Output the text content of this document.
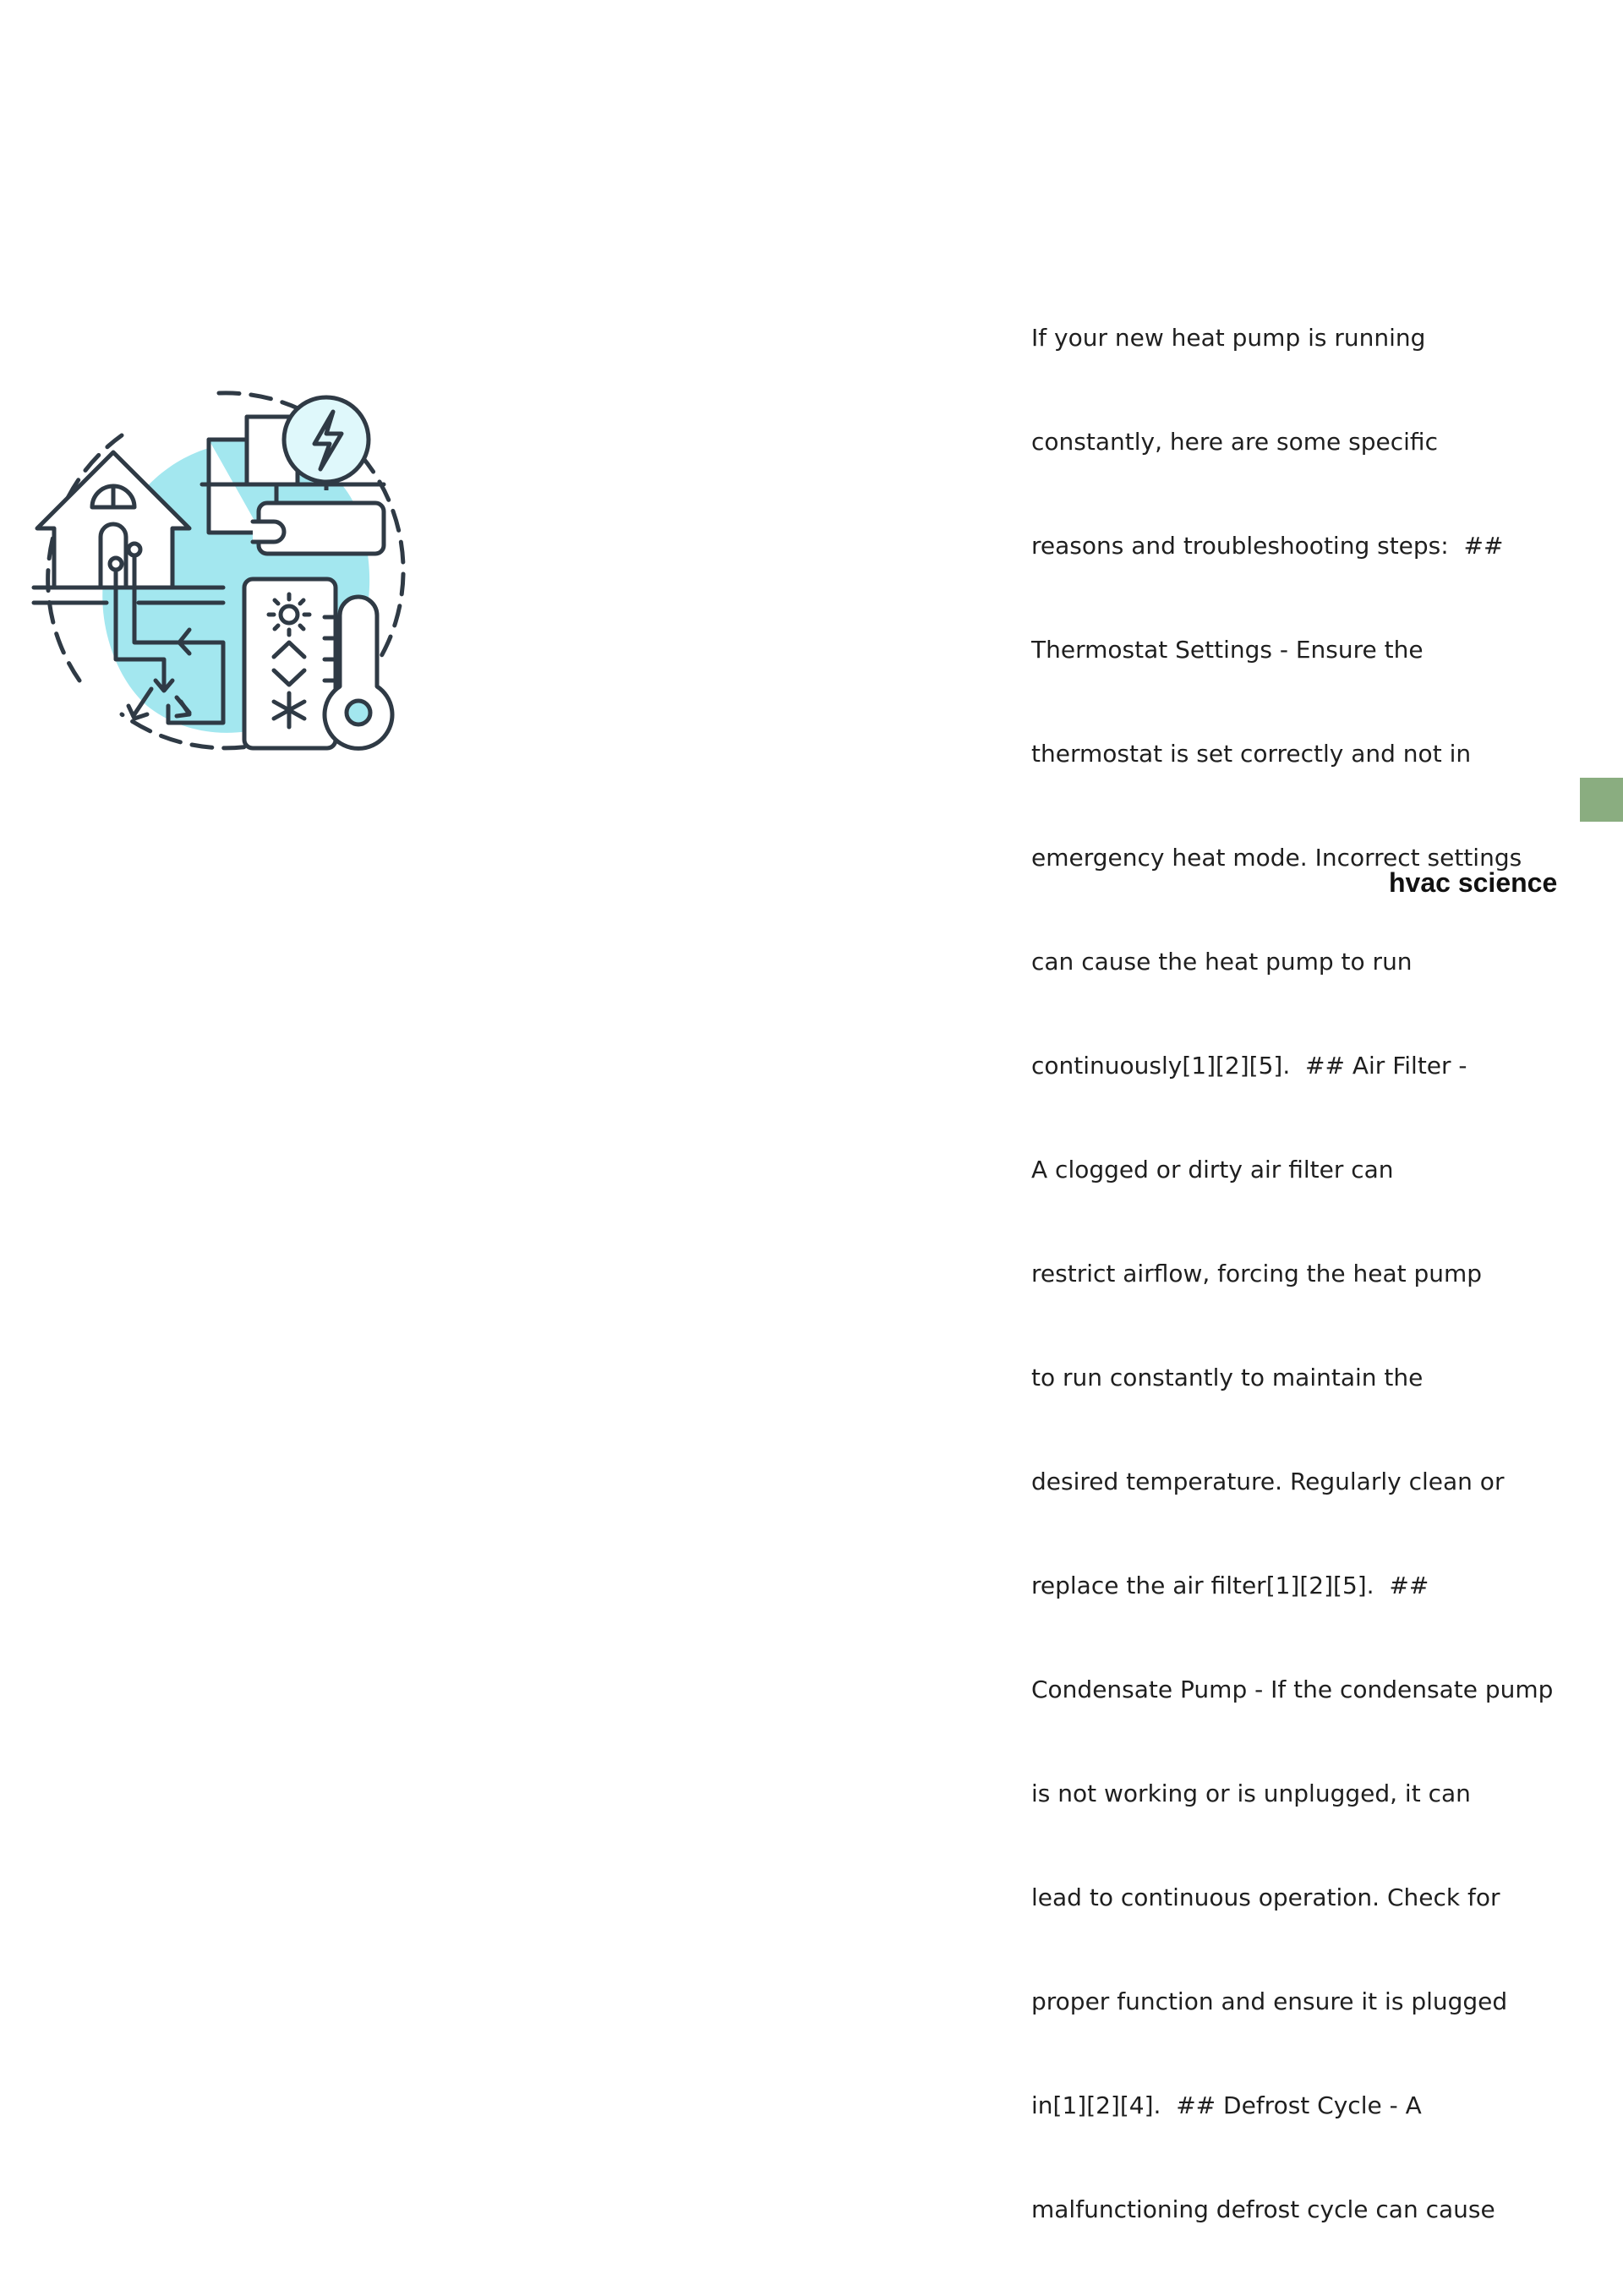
If your new heat pump is running

constantly, here are some specific

reasons and troubleshooting steps:  ##

Thermostat Settings - Ensure the

thermostat is set correctly and not in

emergency heat mode. Incorrect settings

can cause the heat pump to run

continuously[1][2][5].  ## Air Filter -

A clogged or dirty air filter can

restrict airflow, forcing the heat pump

to run constantly to maintain the

desired temperature. Regularly clean or

replace the air filter[1][2][5].  ##

Condensate Pump - If the condensate pump

is not working or is unplugged, it can

lead to continuous operation. Check for

proper function and ensure it is plugged

in[1][2][4].  ## Defrost Cycle - A

malfunctioning defrost cycle can cause

hvac science
